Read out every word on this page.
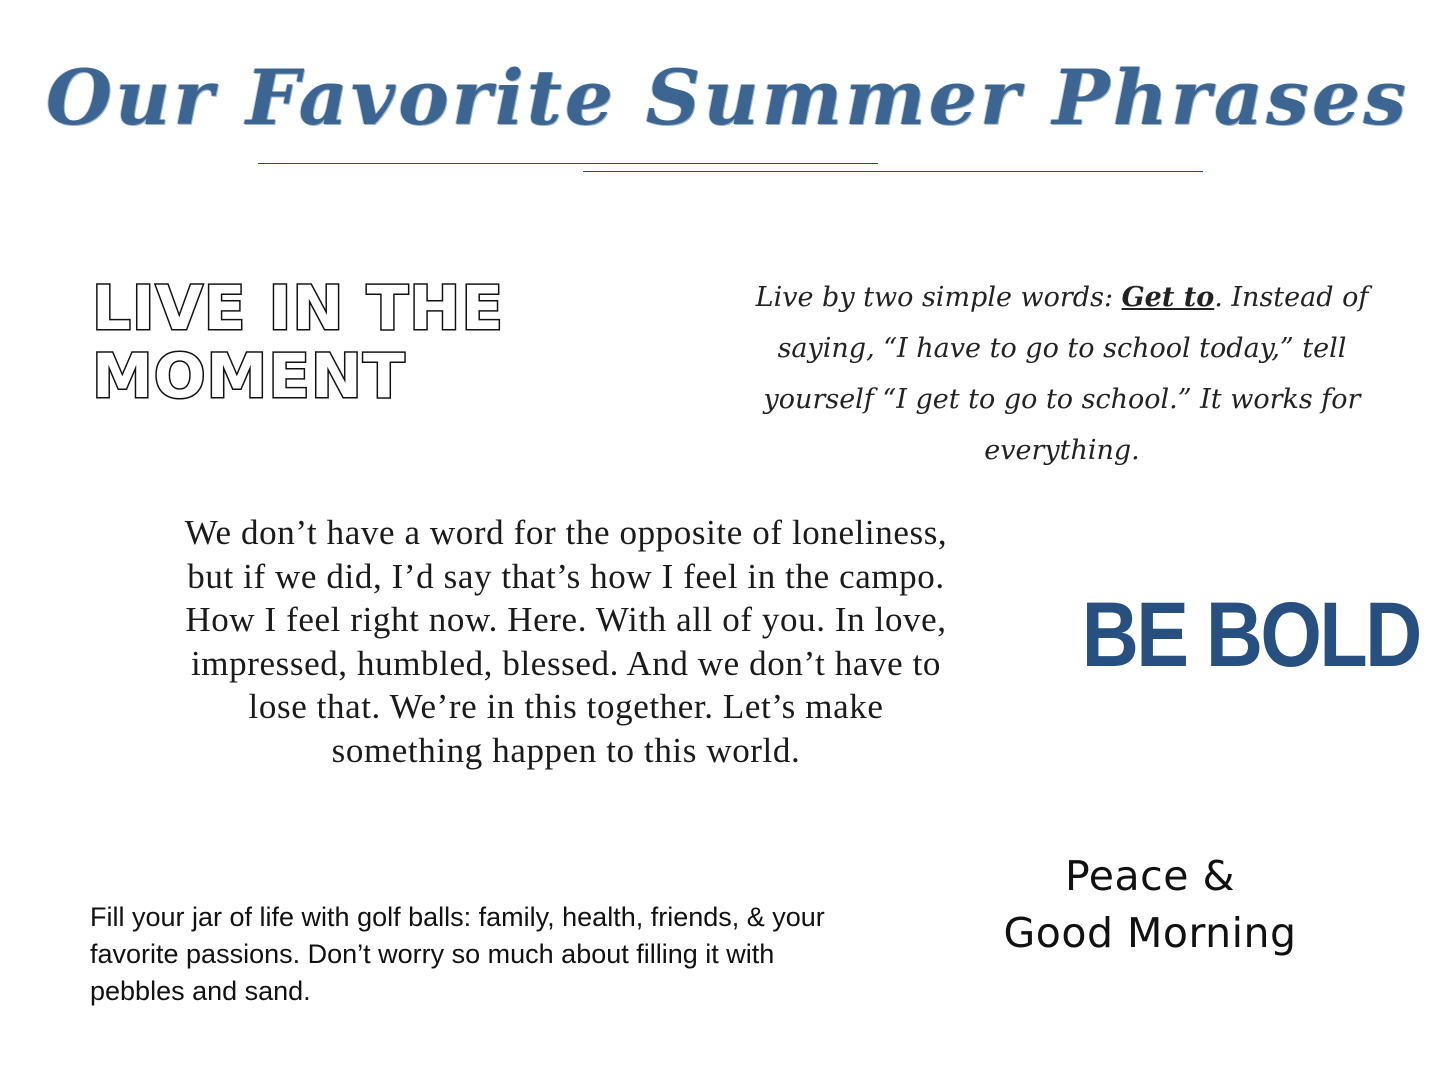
Our Favorite Summer Phrases
LIVE IN THE
MOMENT
Live by two simple words: Get to. Instead of saying, “I have to go to school today,” tell yourself “I get to go to school.” It works for everything.
We don’t have a word for the opposite of loneliness, but if we did, I’d say that’s how I feel in the campo. How I feel right now. Here. With all of you. In love, impressed, humbled, blessed. And we don’t have to lose that. We’re in this together. Let’s make something happen to this world.
BE BOLD
Peace &
Good Morning
Fill your jar of life with golf balls: family, health, friends, & your favorite passions. Don’t worry so much about filling it with pebbles and sand.
